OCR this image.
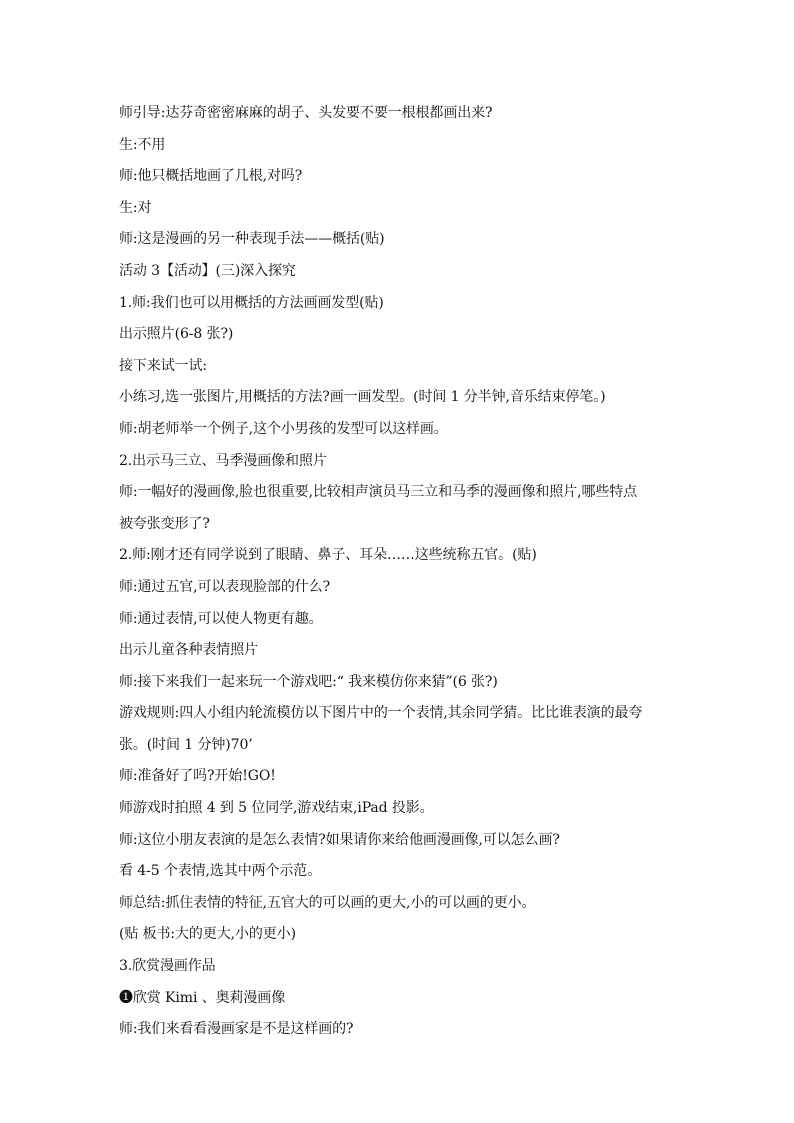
师引导:达芬奇密密麻麻的胡子、头发要不要一根根都画出来?
生:不用
师:他只概括地画了几根,对吗?
生:对
师:这是漫画的另一种表现手法——概括(贴)
活动 3【活动】(三)深入探究
1.师:我们也可以用概括的方法画画发型(贴)
出示照片(6-8 张?)
接下来试一试:
小练习,选一张图片,用概括的方法?画一画发型。(时间 1 分半钟,音乐结束停笔。)
师:胡老师举一个例子,这个小男孩的发型可以这样画。
2.出示马三立、马季漫画像和照片
师:一幅好的漫画像,脸也很重要,比较相声演员马三立和马季的漫画像和照片,哪些特点
被夸张变形了?
2.师:刚才还有同学说到了眼睛、鼻子、耳朵……这些统称五官。(贴)
师:通过五官,可以表现脸部的什么?
师:通过表情,可以使人物更有趣。
出示儿童各种表情照片
师:接下来我们一起来玩一个游戏吧:“ 我来模仿你来猜”(6 张?)
游戏规则:四人小组内轮流模仿以下图片中的一个表情,其余同学猜。比比谁表演的最夸
张。(时间 1 分钟)70’
师:准备好了吗?开始!GO!
师游戏时拍照 4 到 5 位同学,游戏结束,iPad 投影。
师:这位小朋友表演的是怎么表情?如果请你来给他画漫画像,可以怎么画?
看 4-5 个表情,选其中两个示范。
师总结:抓住表情的特征,五官大的可以画的更大,小的可以画的更小。
(贴 板书:大的更大,小的更小)
3.欣赏漫画作品
➊欣赏 Kimi 、奥莉漫画像
师:我们来看看漫画家是不是这样画的?
